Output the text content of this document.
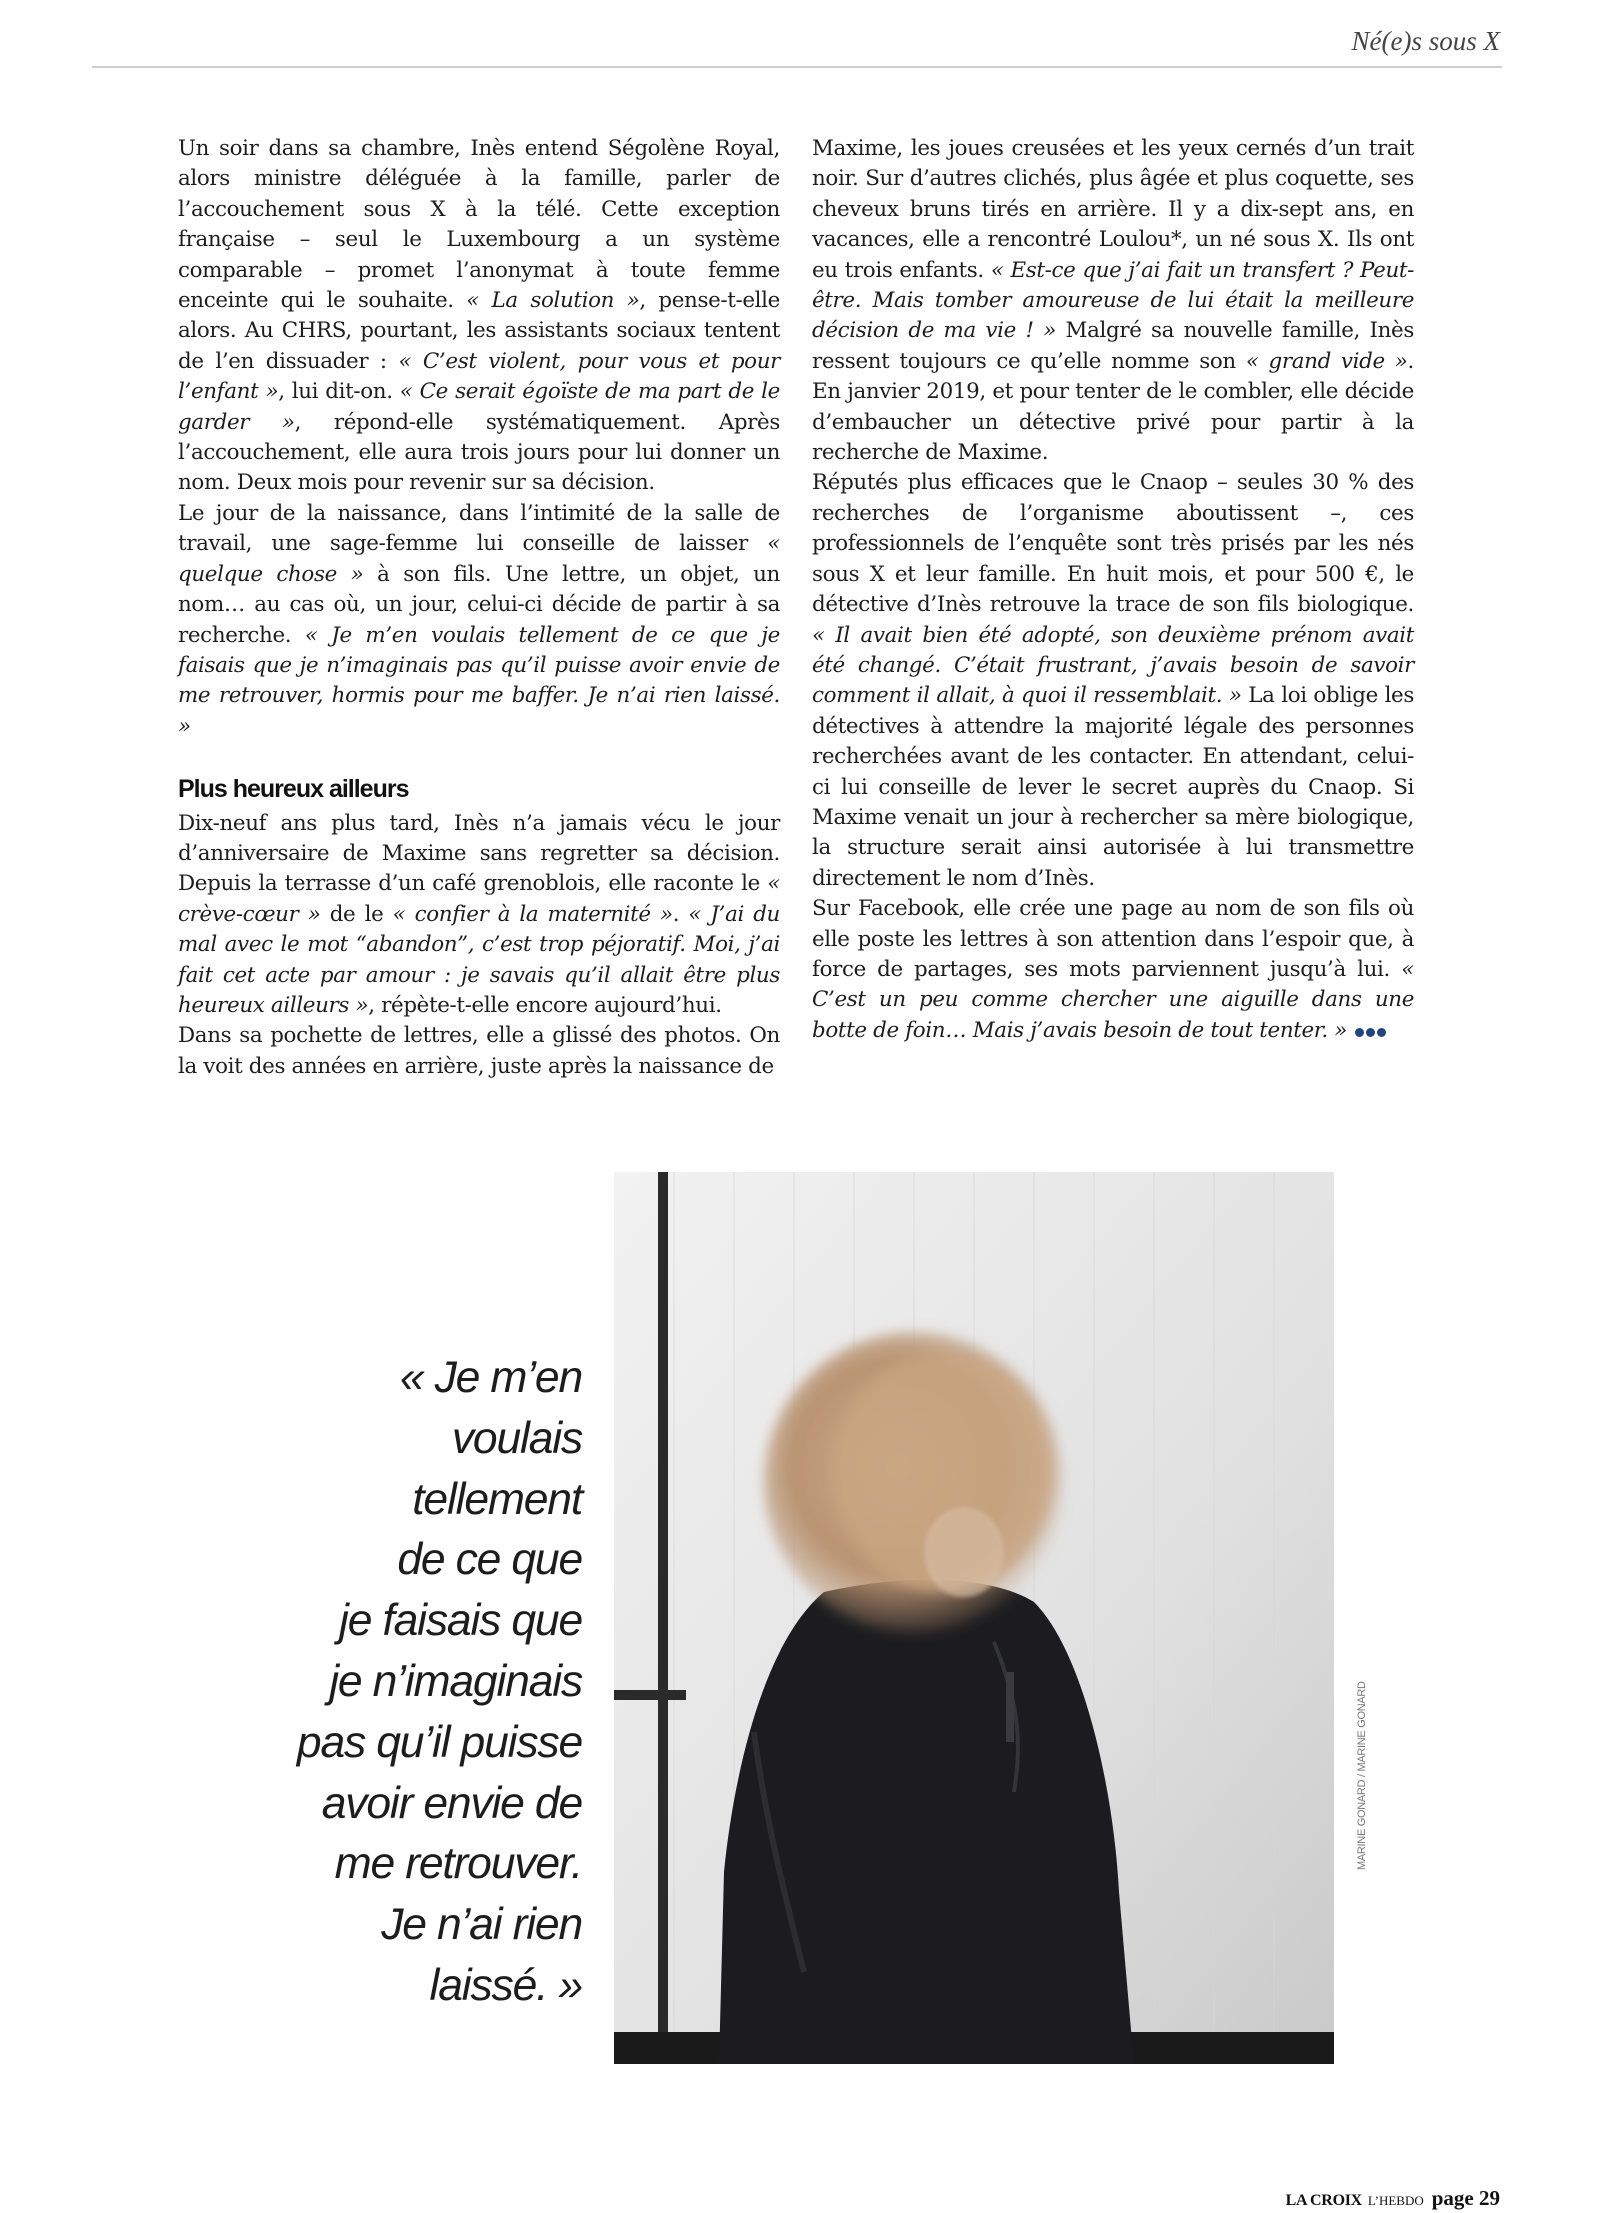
Né(e)s sous X

Un soir dans sa chambre, Inès entend Ségolène Royal, alors ministre déléguée à la famille, parler de l’accouchement sous X à la télé. Cette exception française – seul le Luxembourg a un système comparable – promet l’anonymat à toute femme enceinte qui le souhaite. « La solution », pense-t-elle alors. Au CHRS, pourtant, les assistants sociaux tentent de l’en dissuader : « C’est violent, pour vous et pour l’enfant », lui dit-on. « Ce serait égoïste de ma part de le garder », répond-elle systématiquement. Après l’accouchement, elle aura trois jours pour lui donner un nom. Deux mois pour revenir sur sa décision.

Le jour de la naissance, dans l’intimité de la salle de travail, une sage-femme lui conseille de laisser « quelque chose » à son fils. Une lettre, un objet, un nom… au cas où, un jour, celui-ci décide de partir à sa recherche. « Je m’en voulais tellement de ce que je faisais que je n’imaginais pas qu’il puisse avoir envie de me retrouver, hormis pour me baffer. Je n’ai rien laissé. »

Plus heureux ailleurs

Dix-neuf ans plus tard, Inès n’a jamais vécu le jour d’anniversaire de Maxime sans regretter sa décision. Depuis la terrasse d’un café grenoblois, elle raconte le « crève-cœur » de le « confier à la maternité ». « J’ai du mal avec le mot “abandon”, c’est trop péjoratif. Moi, j’ai fait cet acte par amour : je savais qu’il allait être plus heureux ailleurs », répète-t-elle encore aujourd’hui.

Dans sa pochette de lettres, elle a glissé des photos. On la voit des années en arrière, juste après la naissance de

Maxime, les joues creusées et les yeux cernés d’un trait noir. Sur d’autres clichés, plus âgée et plus coquette, ses cheveux bruns tirés en arrière. Il y a dix-sept ans, en vacances, elle a rencontré Loulou*, un né sous X. Ils ont eu trois enfants. « Est-ce que j’ai fait un transfert ? Peut-être. Mais tomber amoureuse de lui était la meilleure décision de ma vie ! » Malgré sa nouvelle famille, Inès ressent toujours ce qu’elle nomme son « grand vide ». En janvier 2019, et pour tenter de le combler, elle décide d’embaucher un détective privé pour partir à la recherche de Maxime.

Réputés plus efficaces que le Cnaop – seules 30 % des recherches de l’organisme aboutissent –, ces professionnels de l’enquête sont très prisés par les nés sous X et leur famille. En huit mois, et pour 500 €, le détective d’Inès retrouve la trace de son fils biologique. « Il avait bien été adopté, son deuxième prénom avait été changé. C’était frustrant, j’avais besoin de savoir comment il allait, à quoi il ressemblait. » La loi oblige les détectives à attendre la majorité légale des personnes recherchées avant de les contacter. En attendant, celui-ci lui conseille de lever le secret auprès du Cnaop. Si Maxime venait un jour à rechercher sa mère biologique, la structure serait ainsi autorisée à lui transmettre directement le nom d’Inès.

Sur Facebook, elle crée une page au nom de son fils où elle poste les lettres à son attention dans l’espoir que, à force de partages, ses mots parviennent jusqu’à lui. « C’est un peu comme chercher une aiguille dans une botte de foin… Mais j’avais besoin de tout tenter. »

« Je m’en
voulais
tellement
de ce que
je faisais que
je n’imaginais
pas qu’il puisse
avoir envie de
me retrouver.
Je n’ai rien
laissé. »
MARINE GONARD / MARINE GONARD
LA CROIX L’HEBDO page 29
